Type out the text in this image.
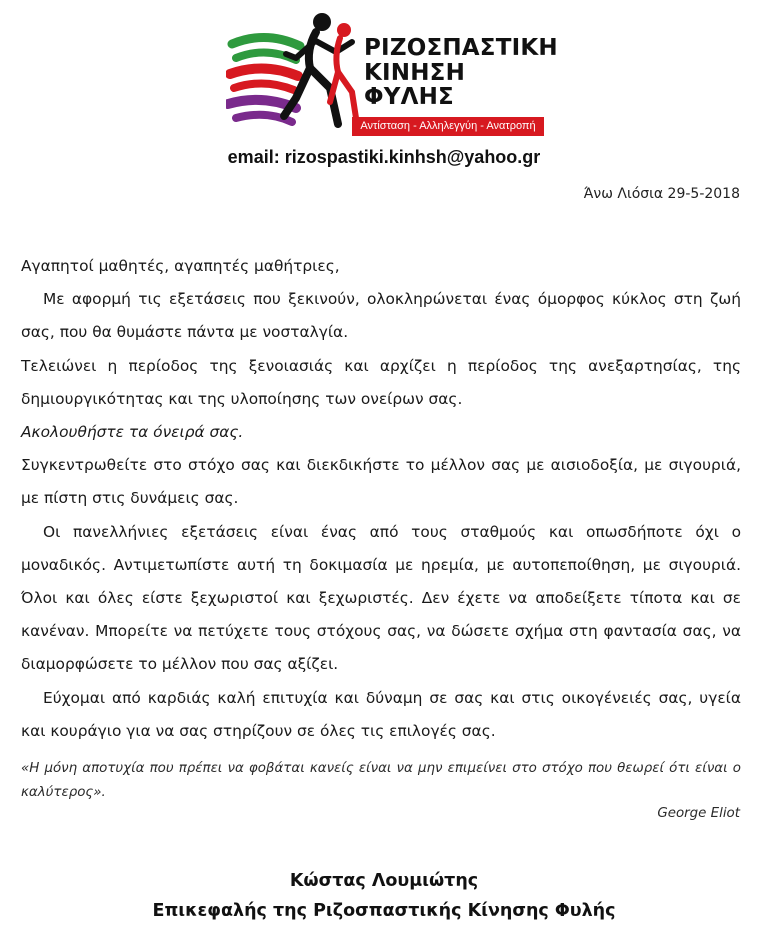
ΡΙΖΟΣΠΑΣΤΙΚΗ
ΚΙΝΗΣΗ
ΦΥΛΗΣ
Αντίσταση - Αλληλεγγύη - Ανατροπή
email: rizospastiki.kinhsh@yahoo.gr
Άνω Λιόσια 29-5-2018

Αγαπητοί μαθητές, αγαπητές μαθήτριες,

Με αφορμή τις εξετάσεις που ξεκινούν, ολοκληρώνεται ένας όμορφος κύκλος στη ζωή σας, που θα θυμάστε πάντα με νοσταλγία.

Τελειώνει η περίοδος της ξενοιασιάς και αρχίζει η περίοδος της ανεξαρτησίας, της δημιουργικότητας και της υλοποίησης των ονείρων σας.

Ακολουθήστε τα όνειρά σας.

Συγκεντρωθείτε στο στόχο σας και διεκδικήστε το μέλλον σας με αισιοδοξία, με σιγουριά, με πίστη στις δυνάμεις σας.

Οι πανελλήνιες εξετάσεις είναι ένας από τους σταθμούς και οπωσδήποτε όχι ο μοναδικός. Αντιμετωπίστε αυτή τη δοκιμασία με ηρεμία, με αυτοπεποίθηση, με σιγουριά. Όλοι και όλες είστε ξεχωριστοί και ξεχωριστές. Δεν έχετε να αποδείξετε τίποτα και σε κανέναν. Μπορείτε να πετύχετε τους στόχους σας, να δώσετε σχήμα στη φαντασία σας, να διαμορφώσετε το μέλλον που σας αξίζει.

Εύχομαι από καρδιάς καλή επιτυχία και δύναμη σε σας και στις οικογένειές σας, υγεία και κουράγιο για να σας στηρίζουν σε όλες τις επιλογές σας.

«Η μόνη αποτυχία που πρέπει να φοβάται κανείς είναι να μην επιμείνει στο στόχο που θεωρεί ότι είναι ο καλύτερος».

George Eliot
Κώστας Λουμιώτης
Επικεφαλής της Ριζοσπαστικής Κίνησης Φυλής
